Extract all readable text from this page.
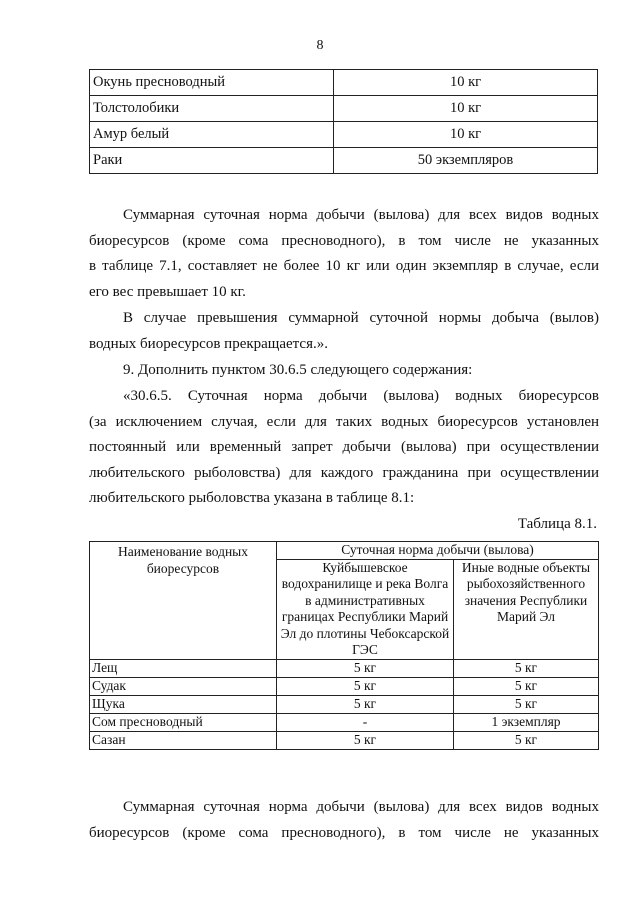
8
Окунь пресноводный	10 кг
Толстолобики	10 кг
Амур белый	10 кг
Раки	50 экземпляров
Суммарная суточная норма добычи (вылова) для всех видов водных
биоресурсов (кроме сома пресноводного), в том числе не указанных
в таблице 7.1, составляет не более 10 кг или один экземпляр в случае, если
его вес превышает 10 кг.
В случае превышения суммарной суточной нормы добыча (вылов)
водных биоресурсов прекращается.».
9. Дополнить пунктом 30.6.5 следующего содержания:
«30.6.5. Суточная норма добычи (вылова) водных биоресурсов
(за исключением случая, если для таких водных биоресурсов установлен
постоянный или временный запрет добычи (вылова) при осуществлении
любительского рыболовства) для каждого гражданина при осуществлении
любительского рыболовства указана в таблице 8.1:
Таблица 8.1.
Наименование водных биоресурсов	Суточная норма добычи (вылова)	
	Куйбышевское водохранилище и река Волга в административных границах Республики Марий Эл до плотины Чебоксарской ГЭС	Иные водные объекты рыбохозяйственного значения Республики Марий Эл
Лещ	5 кг	5 кг
Судак	5 кг	5 кг
Щука	5 кг	5 кг
Сом пресноводный	-	1 экземпляр
Сазан	5 кг	5 кг
Суммарная суточная норма добычи (вылова) для всех видов водных
биоресурсов (кроме сома пресноводного), в том числе не указанных
